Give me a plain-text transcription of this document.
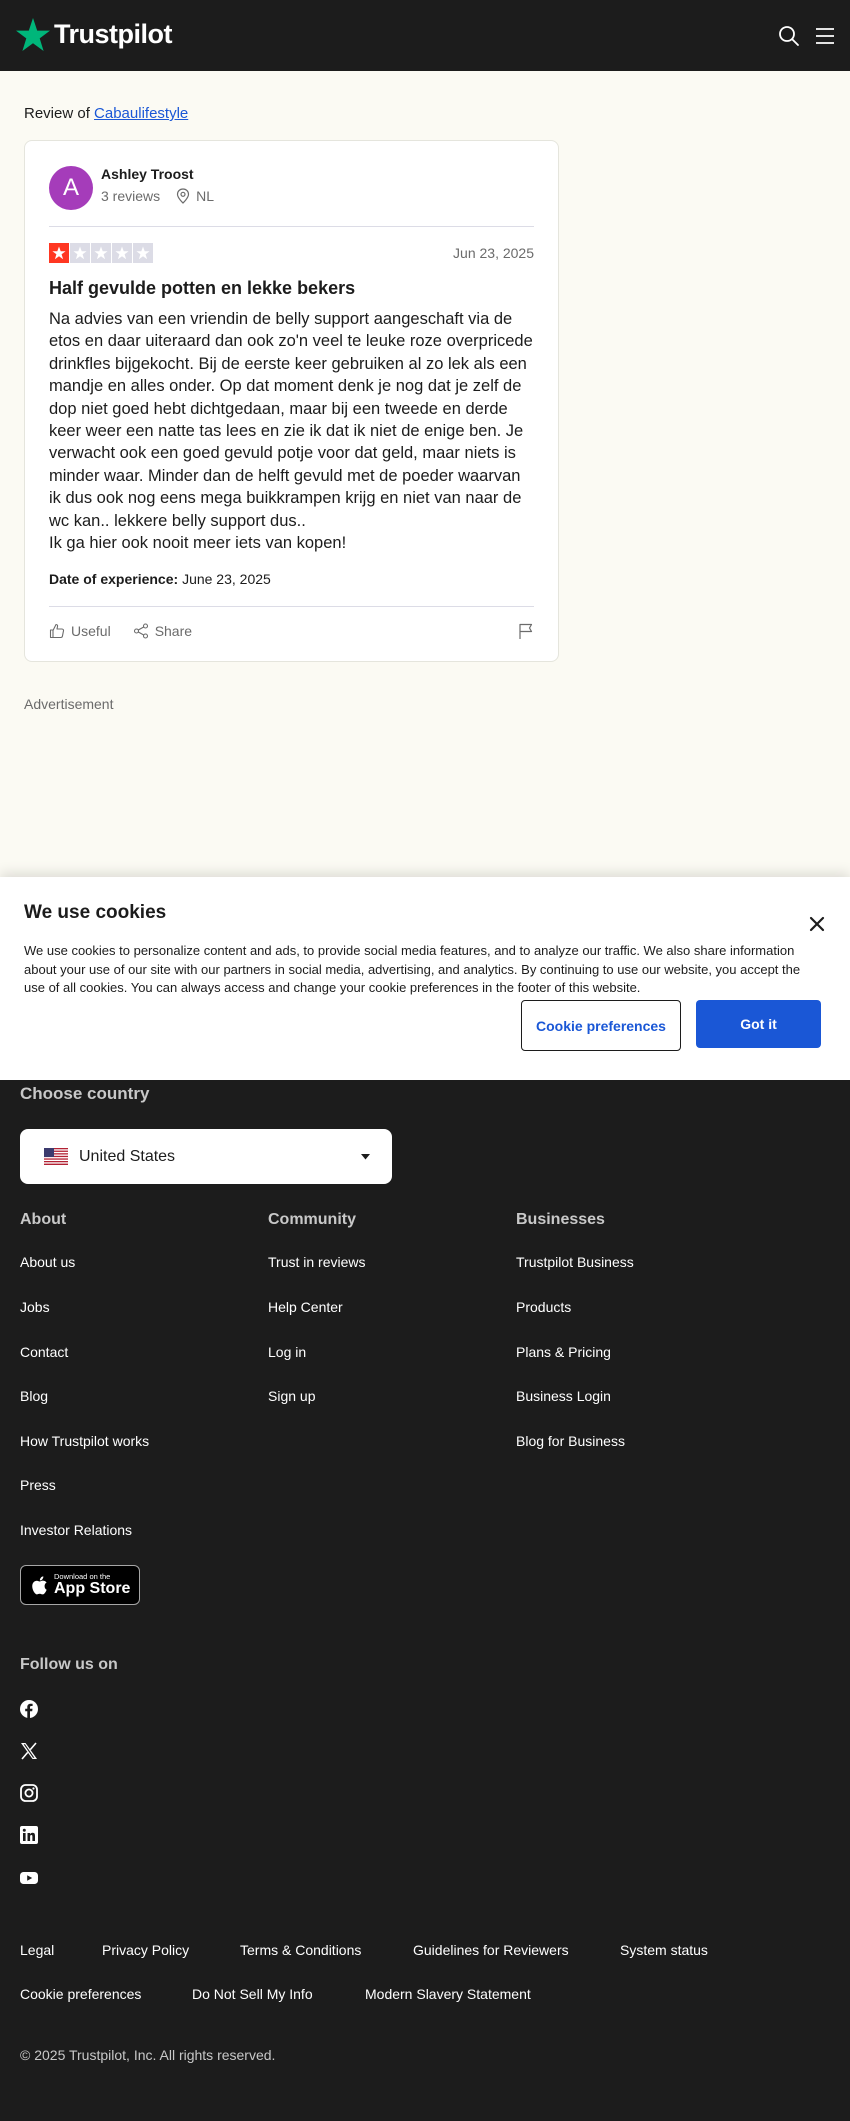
Trustpilot
Review of Cabaulifestyle
A	Ashley Troost
3 reviews	NL
Jun 23, 2025
Half gevulde potten en lekke bekers
Na advies van een vriendin de belly support aangeschaft via de etos en daar uiteraard dan ook zo'n veel te leuke roze overpricede drinkfles bijgekocht. Bij de eerste keer gebruiken al zo lek als een mandje en alles onder. Op dat moment denk je nog dat je zelf de dop niet goed hebt dichtgedaan, maar bij een tweede en derde keer weer een natte tas lees en zie ik dat ik niet de enige ben. Je verwacht ook een goed gevuld potje voor dat geld, maar niets is minder waar. Minder dan de helft gevuld met de poeder waarvan ik dus ook nog eens mega buikkrampen krijg en niet van naar de wc kan.. lekkere belly support dus..
Ik ga hier ook nooit meer iets van kopen!
Date of experience: June 23, 2025
Useful	Share
Advertisement
We use cookies
We use cookies to personalize content and ads, to provide social media features, and to analyze our traffic. We also share information about your use of our site with our partners in social media, advertising, and analytics. By continuing to use our website, you accept the use of all cookies. You can always access and change your cookie preferences in the footer of this website.
Cookie preferences	Got it
Choose country
United States
About	Community	Businesses
About us
Jobs
Contact
Blog
How Trustpilot works
Press
Investor Relations
Trust in reviews
Help Center
Log in
Sign up
Trustpilot Business
Products
Plans & Pricing
Business Login
Blog for Business
Download on the
App Store
Follow us on
Legal	Privacy Policy	Terms & Conditions	Guidelines for Reviewers	System status
Cookie preferences	Do Not Sell My Info	Modern Slavery Statement
© 2025 Trustpilot, Inc. All rights reserved.
